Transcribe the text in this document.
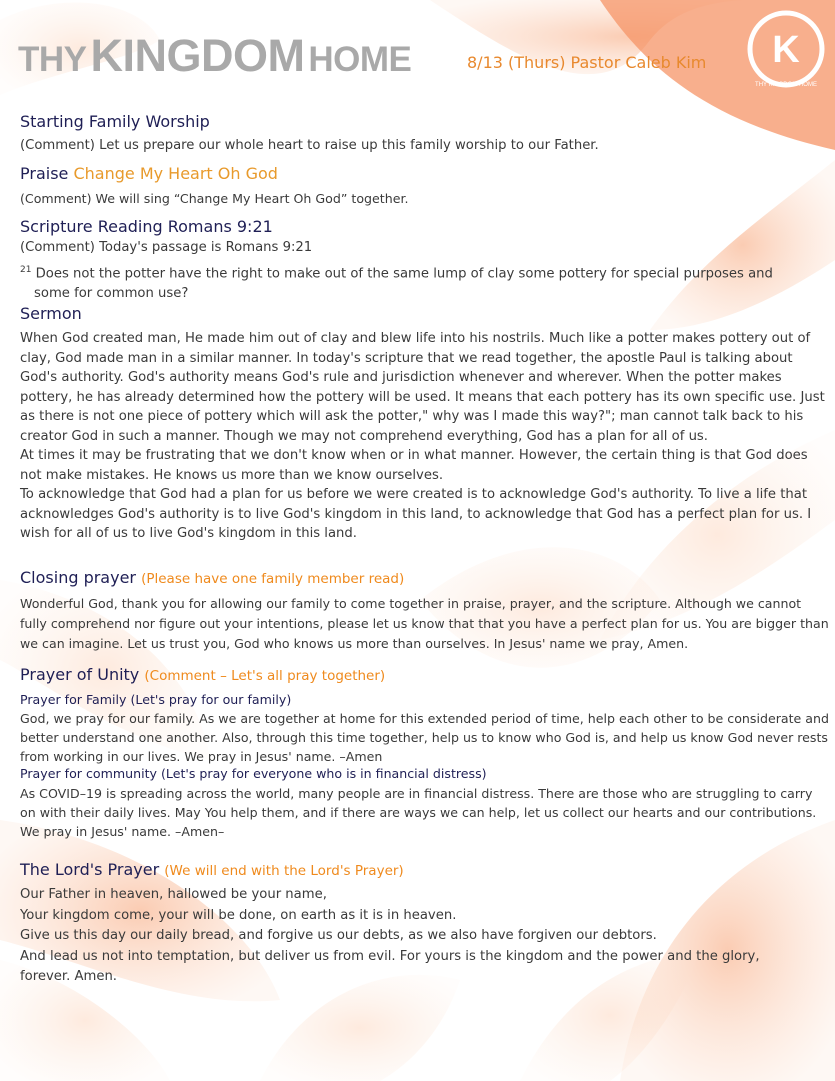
THY KINGDOM HOME	8/13 (Thurs) Pastor Caleb Kim K
THY KINGDOM HOME
Starting Family Worship
(Comment) Let us prepare our whole heart to raise up this family worship to our Father.
Praise Change My Heart Oh God
(Comment) We will sing “Change My Heart Oh God” together.
Scripture Reading Romans 9:21
(Comment) Today's passage is Romans 9:21
$^{21}$ Does not the potter have the right to make out of the same lump of clay some pottery for special purposes and
some for common use?
Sermon
When God created man, He made him out of clay and blew life into his nostrils. Much like a potter makes pottery out of clay, God made man in a similar manner. In today's scripture that we read together, the apostle Paul is talking about God's authority. God's authority means God's rule and jurisdiction whenever and wherever. When the potter makes pottery, he has already determined how the pottery will be used. It means that each pottery has its own specific use. Just as there is not one piece of pottery which will ask the potter," why was I made this way?"; man cannot talk back to his creator God in such a manner. Though we may not comprehend everything, God has a plan for all of us.
At times it may be frustrating that we don't know when or in what manner. However, the certain thing is that God does not make mistakes. He knows us more than we know ourselves.
To acknowledge that God had a plan for us before we were created is to acknowledge God's authority. To live a life that acknowledges God's authority is to live God's kingdom in this land, to acknowledge that God has a perfect plan for us. I wish for all of us to live God's kingdom in this land.
Closing prayer (Please have one family member read)
Wonderful God, thank you for allowing our family to come together in praise, prayer, and the scripture. Although we cannot fully comprehend nor figure out your intentions, please let us know that that you have a perfect plan for us. You are bigger than we can imagine. Let us trust you, God who knows us more than ourselves. In Jesus' name we pray, Amen.
Prayer of Unity (Comment – Let's all pray together)
Prayer for Family (Let's pray for our family)
God, we pray for our family. As we are together at home for this extended period of time, help each other to be considerate and better understand one another. Also, through this time together, help us to know who God is, and help us know God never rests from working in our lives. We pray in Jesus' name. –Amen
Prayer for community (Let's pray for everyone who is in financial distress)
As COVID–19 is spreading across the world, many people are in financial distress. There are those who are struggling to carry on with their daily lives. May You help them, and if there are ways we can help, let us collect our hearts and our contributions.
We pray in Jesus' name. –Amen–
The Lord's Prayer (We will end with the Lord's Prayer)
Our Father in heaven, hallowed be your name,
Your kingdom come, your will be done, on earth as it is in heaven.
Give us this day our daily bread, and forgive us our debts, as we also have forgiven our debtors.
And lead us not into temptation, but deliver us from evil. For yours is the kingdom and the power and the glory,
forever. Amen.
